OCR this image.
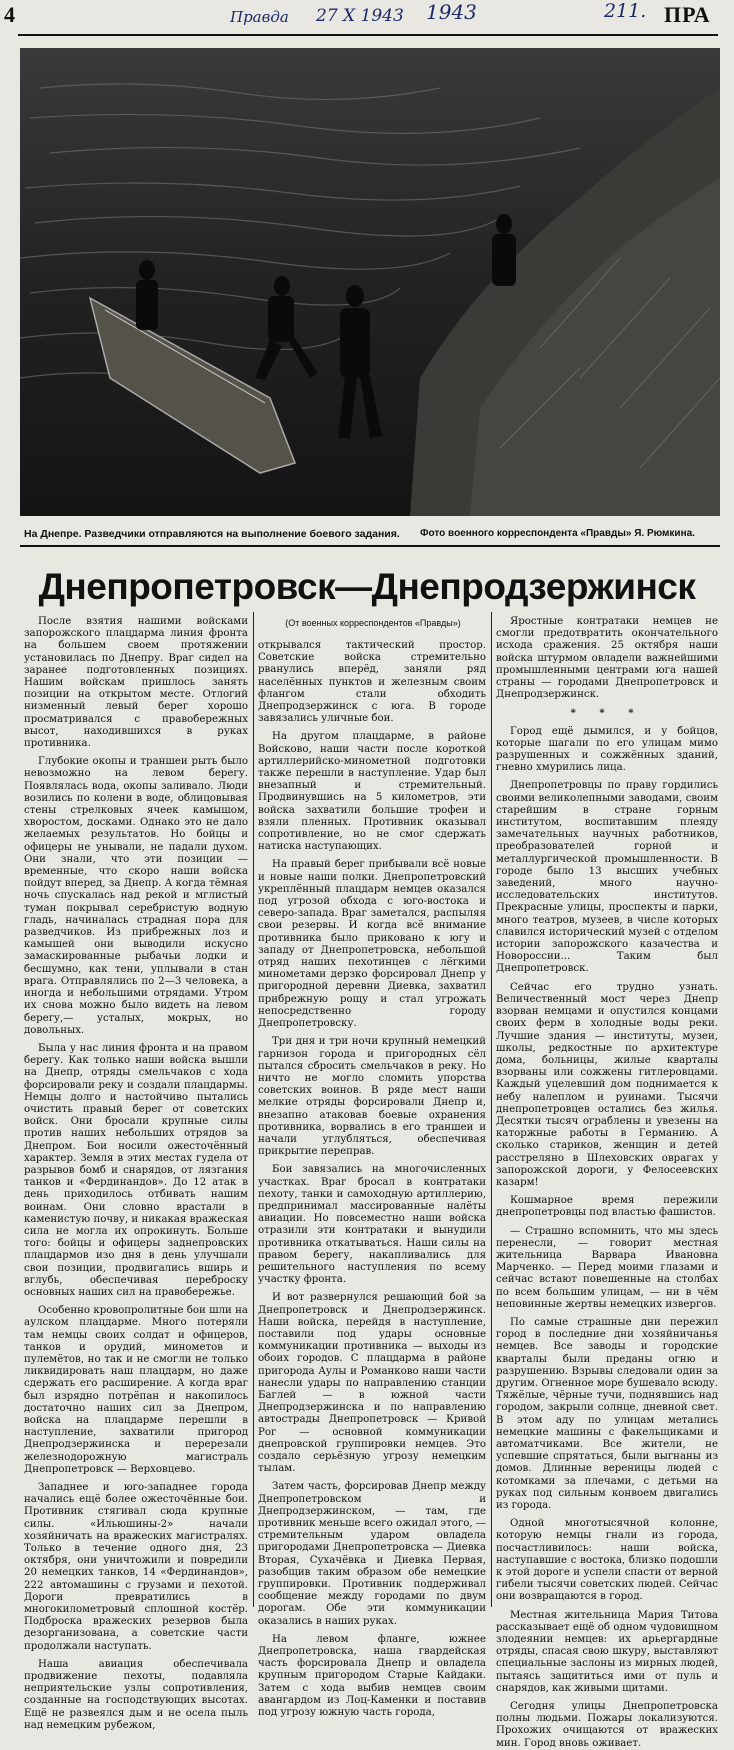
4	Правда 27 X 1943 1943	211. ПРА
На Днепре. Разведчики отправляются на выполнение боевого задания. Фото военного корреспондента «Правды» Я. Рюмкина.
Днепропетровск—Днепродзержинск
(От военных корреспондентов «Правды»)

После взятия нашими войсками запорожского плацдарма линия фронта на большем своем протяжении установилась по Днепру. Враг сидел на заранее подготовленных позициях. Нашим войскам пришлось занять позиции на открытом месте. Отлогий низменный левый берег хорошо просматривался с правобережных высот, находившихся в руках противника.

Глубокие окопы и траншеи рыть было невозможно на левом берегу. Появлялась вода, окопы заливало. Люди возились по колени в воде, облицовывая стены стрелковых ячеек камышом, хворостом, досками. Однако это не дало желаемых результатов. Но бойцы и офицеры не унывали, не падали духом. Они знали, что эти позиции — временные, что скоро наши войска пойдут вперед, за Днепр. А когда тёмная ночь спускалась над рекой и мглистый туман покрывал серебристую водную гладь, начиналась страдная пора для разведчиков. Из прибрежных лоз и камышей они выводили искусно замаскированные рыбачьи лодки и бесшумно, как тени, уплывали в стан врага. Отправлялись по 2—3 человека, а иногда и небольшими отрядами. Утром их снова можно было видеть на левом берегу,— усталых, мокрых, но довольных.

Была у нас линия фронта и на правом берегу. Как только наши войска вышли на Днепр, отряды смельчаков с хода форсировали реку и создали плацдармы. Немцы долго и настойчиво пытались очистить правый берег от советских войск. Они бросали крупные силы против наших небольших отрядов за Днепром. Бои носили ожесточённый характер. Земля в этих местах гудела от разрывов бомб и снарядов, от лязгания танков и «Фердинандов». До 12 атак в день приходилось отбивать нашим воинам. Они словно врастали в каменистую почву, и никакая вражеская сила не могла их опрокинуть. Больше того: бойцы и офицеры заднепровских плацдармов изо дня в день улучшали свои позиции, продвигались вширь и вглубь, обеспечивая переброску основных наших сил на правобережье.

Особенно кровопролитные бои шли на аулском плацдарме. Много потеряли там немцы своих солдат и офицеров, танков и орудий, минометов и пулемётов, но так и не смогли не только ликвидировать наш плацдарм, но даже сдержать его расширение. А когда враг был изрядно потрёпан и накопилось достаточно наших сил за Днепром, войска на плацдарме перешли в наступление, захватили пригород Днепродзержинска и перерезали железнодорожную магистраль Днепропетровск — Верховцево.

Западнее и юго-западнее города начались ещё более ожесточённые бои. Противник стягивал сюда крупные силы. «Ильюшины-2» начали хозяйничать на вражеских магистралях. Только в течение одного дня, 23 октября, они уничтожили и повредили 20 немецких танков, 14 «Фердинандов», 222 автомашины с грузами и пехотой. Дороги превратились в многокилометровый сплошной костёр. Подброска вражеских резервов была дезорганизована, а советские части продолжали наступать.

Наша авиация обеспечивала продвижение пехоты, подавляла неприятельские узлы сопротивления, созданные на господствующих высотах. Ещё не развеялся дым и не осела пыль над немецким рубежом,

открывался тактический простор. Советские войска стремительно рванулись вперёд, заняли ряд населённых пунктов и железным своим флангом стали обходить Днепродзержинск с юга. В городе завязались уличные бои.

На другом плацдарме, в районе Войсково, наши части после короткой артиллерийско-минометной подготовки также перешли в наступление. Удар был внезапный и стремительный. Продвинувшись на 5 километров, эти войска захватили большие трофеи и взяли пленных. Противник оказывал сопротивление, но не смог сдержать натиска наступающих.

На правый берег прибывали всё новые и новые наши полки. Днепропетровский укреплённый плацдарм немцев оказался под угрозой обхода с юго-востока и северо-запада. Враг заметался, распыляя свои резервы. И когда всё внимание противника было приковано к югу и западу от Днепропетровска, небольшой отряд наших пехотинцев с лёгкими минометами дерзко форсировал Днепр у пригородной деревни Диевка, захватил прибрежную рощу и стал угрожать непосредственно городу Днепропетровску.

Три дня и три ночи крупный немецкий гарнизон города и пригородных сёл пытался сбросить смельчаков в реку. Но ничто не могло сломить упорства советских воинов. В ряде мест наши мелкие отряды форсировали Днепр и, внезапно атаковав боевые охранения противника, ворвались в его траншеи и начали углубляться, обеспечивая прикрытие переправ.

Бои завязались на многочисленных участках. Враг бросал в контратаки пехоту, танки и самоходную артиллерию, предпринимал массированные налёты авиации. Но повсеместно наши войска отразили эти контратаки и вынудили противника откатываться. Наши силы на правом берегу, накапливались для решительного наступления по всему участку фронта.

И вот развернулся решающий бой за Днепропетровск и Днепродзержинск. Наши войска, перейдя в наступление, поставили под удары основные коммуникации противника — выходы из обоих городов. С плацдарма в районе пригорода Аулы и Романково наши части нанесли удары по направлению станции Баглей — в южной части Днепродзержинска и по направлению автострады Днепропетровск — Кривой Рог — основной коммуникации днепровской группировки немцев. Это создало серьёзную угрозу немецким тылам.

Затем часть, форсировав Днепр между Днепропетровском и Днепродзержинском, — там, где противник меньше всего ожидал этого, — стремительным ударом овладела пригородами Днепропетровска — Диевка Вторая, Сухачёвка и Диевка Первая, разобщив таким образом обе немецкие группировки. Противник поддерживал сообщение между городами по двум дорогам. Обе эти коммуникации оказались в наших руках.

На левом фланге, южнее Днепропетровска, наша гвардейская часть форсировала Днепр и овладела крупным пригородом Старые Кайдаки. Затем с хода выбив немцев своим авангардом из Лоц-Каменки и поставив под угрозу южную часть города,

Яростные контратаки немцев не смогли предотвратить окончательного исхода сражения. 25 октября наши войска штурмом овладели важнейшими промышленными центрами юга нашей страны — городами Днепропетровск и Днепродзержинск.

* * *

Город ещё дымился, и у бойцов, которые шагали по его улицам мимо разрушенных и сожжённых зданий, гневно хмурились лица.

Днепропетровцы по праву гордились своими великолепными заводами, своим старейшим в стране горным институтом, воспитавшим плеяду замечательных научных работников, преобразователей горной и металлургической промышленности. В городе было 13 высших учебных заведений, много научно-исследовательских институтов. Прекрасные улицы, проспекты и парки, много театров, музеев, в числе которых славился исторический музей с отделом истории запорожского казачества и Новороссии... Таким был Днепропетровск.

Сейчас его трудно узнать. Величественный мост через Днепр взорван немцами и опустился концами своих ферм в холодные воды реки. Лучшие здания — институты, музеи, школы, редкостные по архитектуре дома, больницы, жилые кварталы взорваны или сожжены гитлеровцами. Каждый уцелевший дом поднимается к небу налеплом и руинами. Тысячи днепропетровцев остались без жилья. Десятки тысяч ограблены и увезены на каторжные работы в Германию. А сколько стариков, женщин и детей расстреляно в Шлеховских оврагах у запорожской дороги, у Фелосеевских казарм!

Кошмарное время пережили днепропетровцы под властью фашистов.

— Страшно вспомнить, что мы здесь перенесли, — говорит местная жительница Варвара Ивановна Марченко. — Перед моими глазами и сейчас встают повешенные на столбах по всем большим улицам, — ни в чём неповинные жертвы немецких извергов.

По самые страшные дни пережил город в последние дни хозяйничанья немцев. Все заводы и городские кварталы были преданы огню и разрушению. Взрывы следовали один за другим. Огненное море бушевало всюду. Тяжёлые, чёрные тучи, поднявшись над городом, закрыли солнце, дневной свет. В этом аду по улицам метались немецкие машины с факельщиками и автоматчиками. Все жители, не успевшие спрятаться, были выгнаны из домов. Длинные вереницы людей с котомками за плечами, с детьми на руках под сильным конвоем двигались из города.

Одной многотысячной колонне, которую немцы гнали из города, посчастливилось: наши войска, наступавшие с востока, близко подошли к этой дороге и успели спасти от верной гибели тысячи советских людей. Сейчас они возвращаются в город.

Местная жительница Мария Титова рассказывает ещё об одном чудовищном злодеянии немцев: их арьергардные отряды, спасая свою шкуру, выставляют специальные заслоны из мирных людей, пытаясь защититься ими от пуль и снарядов, как живыми щитами.

Сегодня улицы Днепропетровска полны людьми. Пожары локализуются. Прохожих очищаются от вражеских мин. Город вновь оживает.
